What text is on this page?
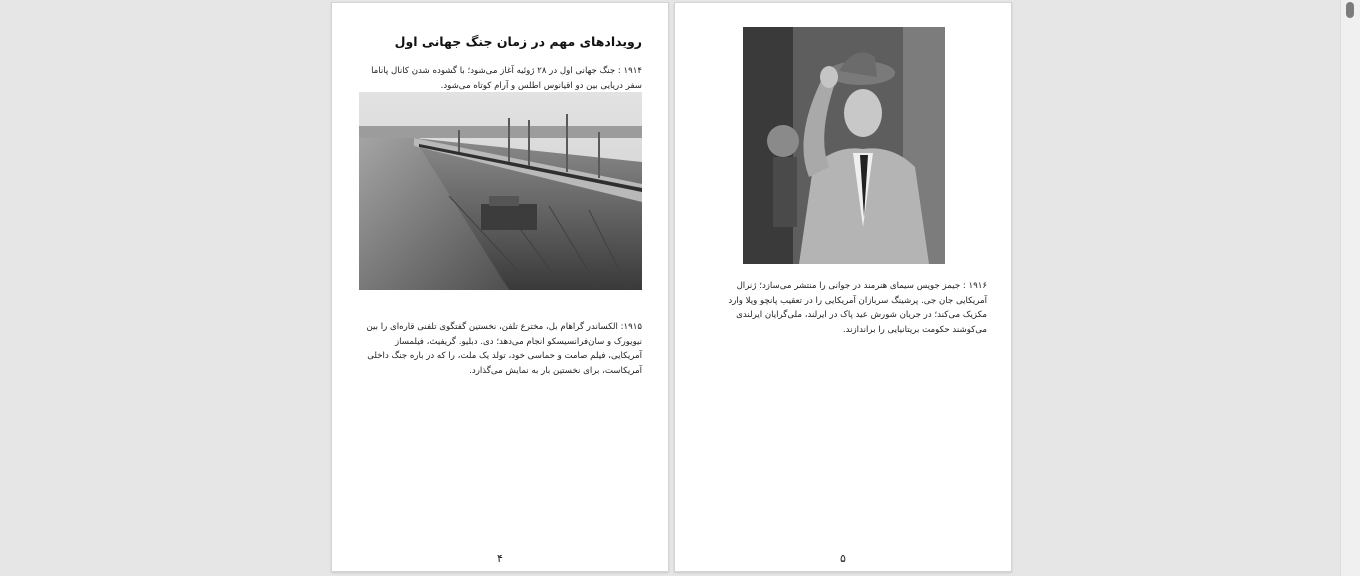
رویدادهای مهم در زمان جنگ جهانی اول
۱۹۱۴ : جنگ جهانی اول در ۲۸ ژوئیه آغاز می‌شود؛ با گشوده شدن کانال پاناما سفر دریایی بین دو اقیانوس اطلس و آرام کوتاه می‌شود.
۱۹۱۵: الکساندر گراهام بل، مخترع تلفن، نخستین گفتگوی تلفنی قاره‌ای را بین نیویورک و سان‌فرانسیسکو انجام می‌دهد؛ دی. دبلیو. گریفیث، فیلمساز آمریکایی، فیلم صامت و حماسی خود، تولد یک ملت، را که در باره جنگ داخلی آمریکاست، برای نخستین بار به نمایش می‌گذارد.
۴
۱۹۱۶ : جیمز جویس سیمای هنرمند در جوانی را منتشر می‌سازد؛ ژنرال آمریکایی جان جی. پرشینگ سربازان آمریکایی را در تعقیب پانچو ویلا وارد مکزیک می‌کند؛ در جریان شورش عید پاک در ایرلند، ملی‌گرایان ایرلندی می‌کوشند حکومت بریتانیایی را براندازند.
۵
